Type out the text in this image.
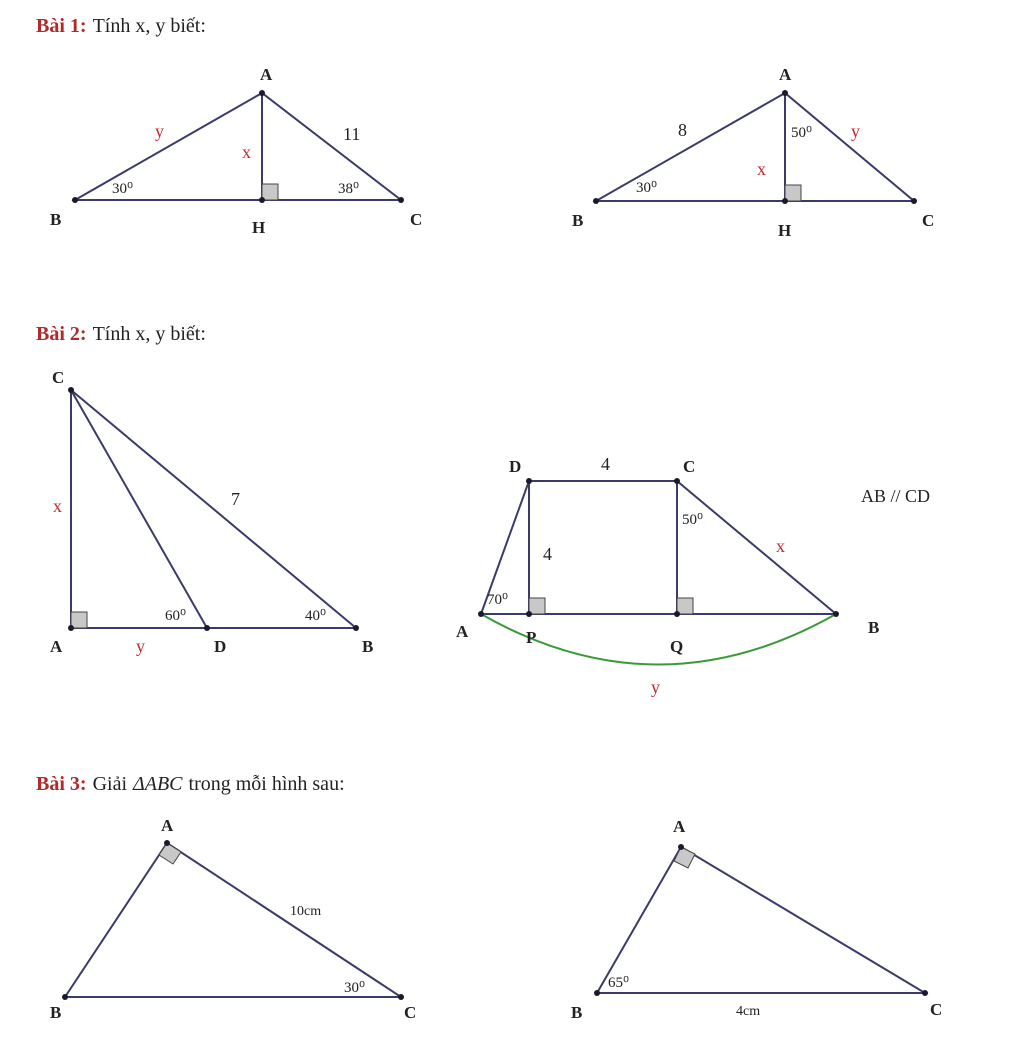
Bài 1: Tính x, y biết:
Bài 2: Tính x, y biết:
Bài 3: Giải ΔABC trong mỗi hình sau:
A
B	C
H
y
x
11
30⁰	38⁰
A
B	C
H
8	50⁰ y
x
30⁰
C
A	D	B
x	7
y
60⁰	40⁰
D	C
A	P	Q
B
4
4
50⁰
x
70⁰
y
AB // CD
A
B	C
10cm
30⁰
A
B	C
4cm
65⁰
